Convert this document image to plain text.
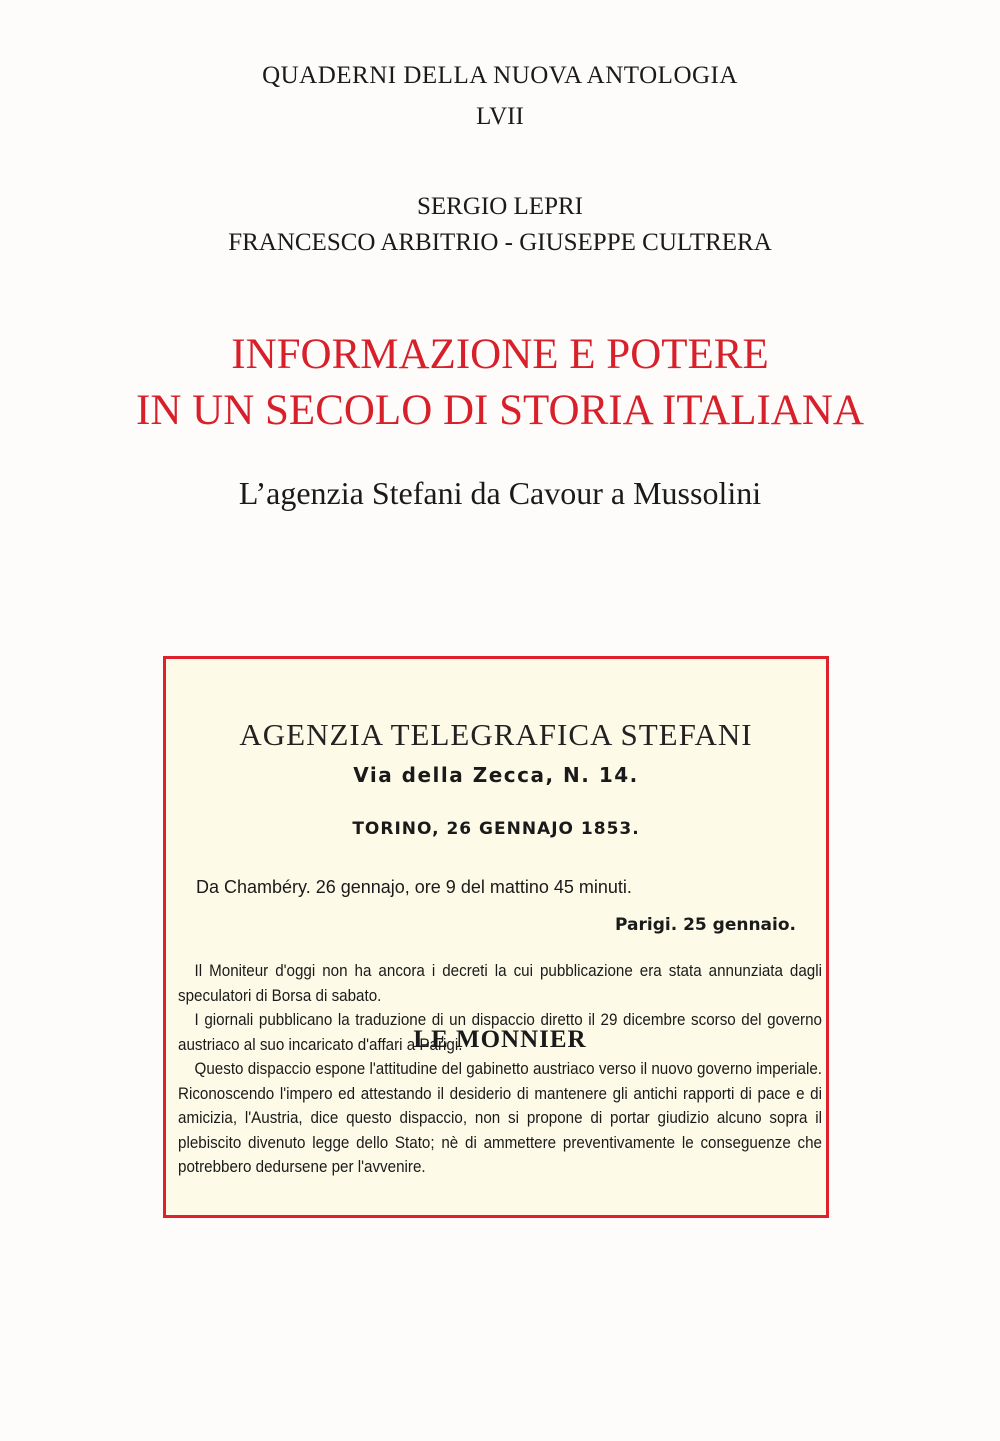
QUADERNI DELLA NUOVA ANTOLOGIA
LVII
SERGIO LEPRI
FRANCESCO ARBITRIO - GIUSEPPE CULTRERA
INFORMAZIONE E POTERE
IN UN SECOLO DI STORIA ITALIANA
L’agenzia Stefani da Cavour a Mussolini
AGENZIA TELEGRAFICA STEFANI
Via della Zecca, N. 14.
TORINO, 26 GENNAJO 1853.
Da Chambéry. 26 gennajo, ore 9 del mattino 45 minuti.
Parigi. 25 gennaio.

Il Moniteur d'oggi non ha ancora i decreti la cui pubblicazione era stata annunziata dagli speculatori di Borsa di sabato.

I giornali pubblicano la traduzione di un dispaccio diretto il 29 dicembre scorso del governo austriaco al suo incaricato d'affari a Parigi.

Questo dispaccio espone l'attitudine del gabinetto austriaco verso il nuovo governo imperiale. Riconoscendo l'impero ed attestando il desiderio di mantenere gli antichi rapporti di pace e di amicizia, l'Austria, dice questo dispaccio, non si propone di portar giudizio alcuno sopra il plebiscito divenuto legge dello Stato; nè di ammettere preventivamente le conseguenze che potrebbero dedursene per l'avvenire.

LE MONNIER
